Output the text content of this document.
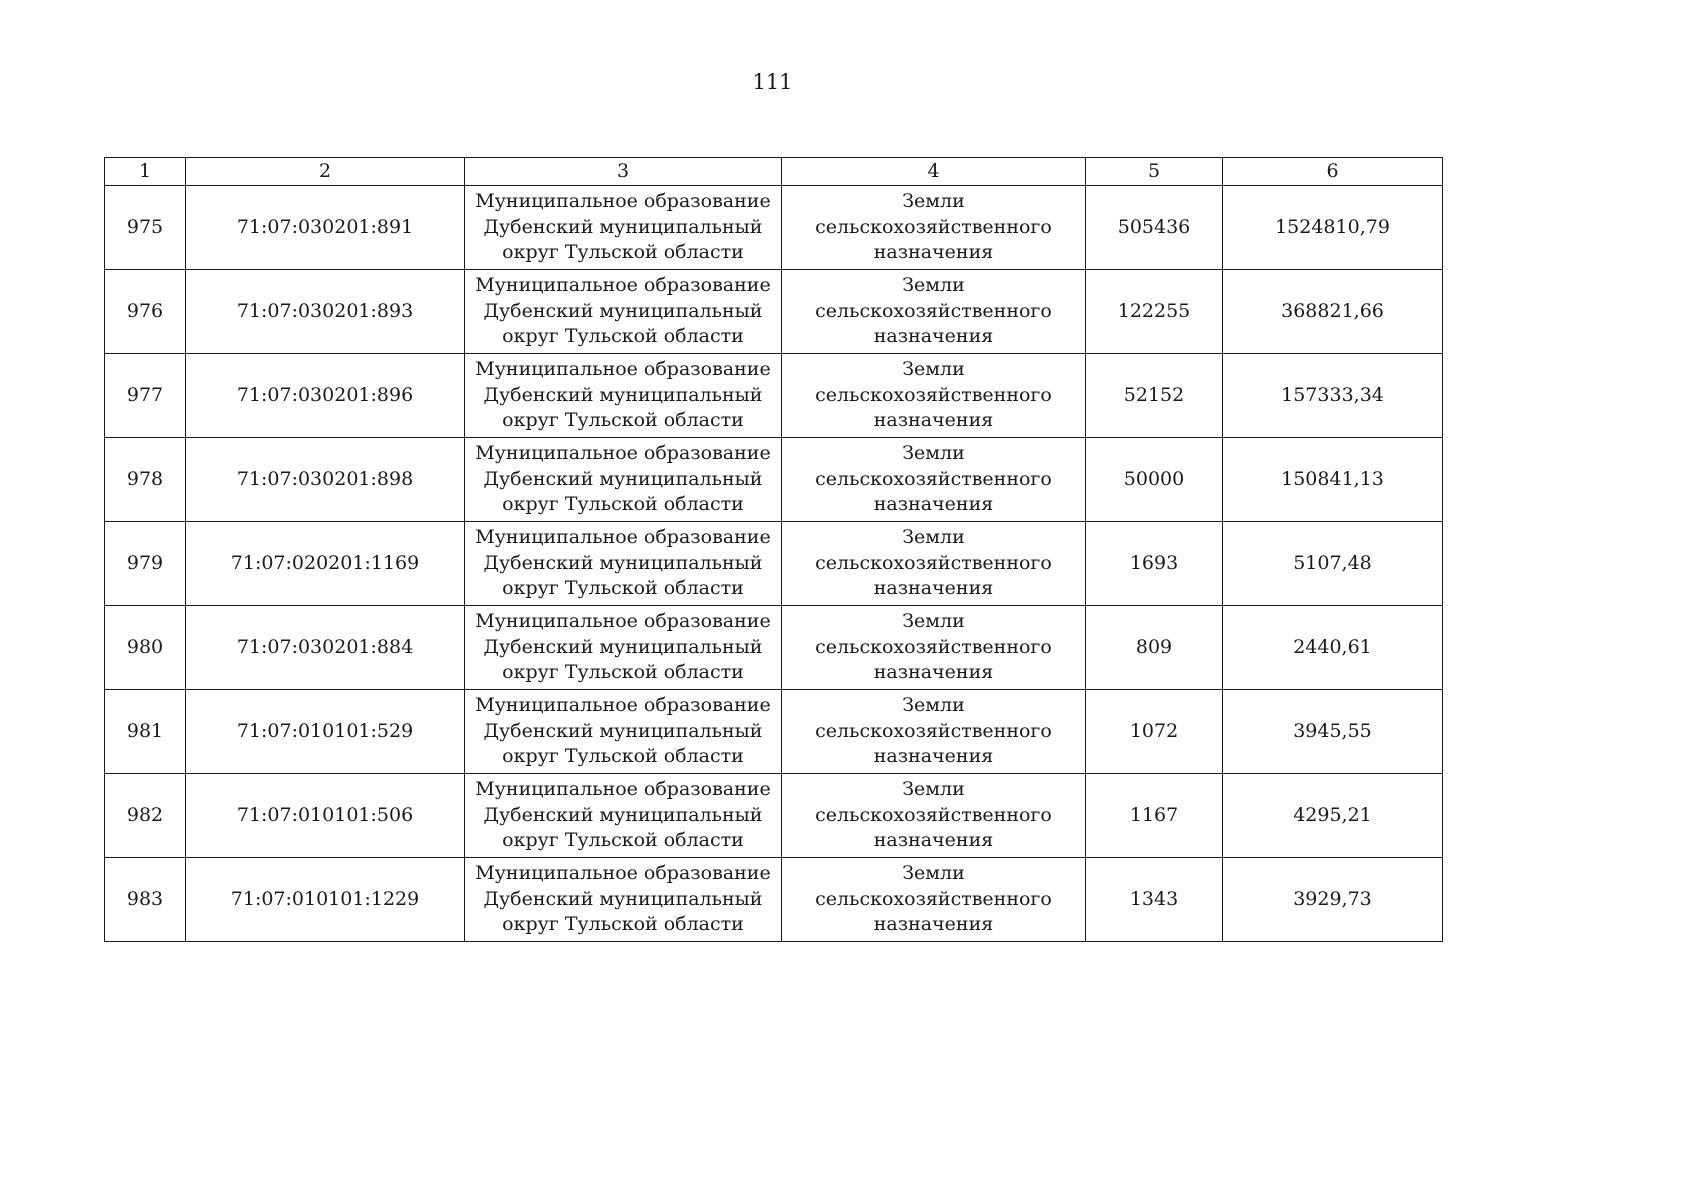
111
1	2	3	4	5	6
975	71:07:030201:891	Муниципальное образование
Дубенский муниципальный
округ Тульской области	Земли
сельскохозяйственного
назначения	505436	1524810,79
976	71:07:030201:893	Муниципальное образование
Дубенский муниципальный
округ Тульской области	Земли
сельскохозяйственного
назначения	122255	368821,66
977	71:07:030201:896	Муниципальное образование
Дубенский муниципальный
округ Тульской области	Земли
сельскохозяйственного
назначения	52152	157333,34
978	71:07:030201:898	Муниципальное образование
Дубенский муниципальный
округ Тульской области	Земли
сельскохозяйственного
назначения	50000	150841,13
979	71:07:020201:1169	Муниципальное образование
Дубенский муниципальный
округ Тульской области	Земли
сельскохозяйственного
назначения	1693	5107,48
980	71:07:030201:884	Муниципальное образование
Дубенский муниципальный
округ Тульской области	Земли
сельскохозяйственного
назначения	809	2440,61
981	71:07:010101:529	Муниципальное образование
Дубенский муниципальный
округ Тульской области	Земли
сельскохозяйственного
назначения	1072	3945,55
982	71:07:010101:506	Муниципальное образование
Дубенский муниципальный
округ Тульской области	Земли
сельскохозяйственного
назначения	1167	4295,21
983	71:07:010101:1229	Муниципальное образование
Дубенский муниципальный
округ Тульской области	Земли
сельскохозяйственного
назначения	1343	3929,73
